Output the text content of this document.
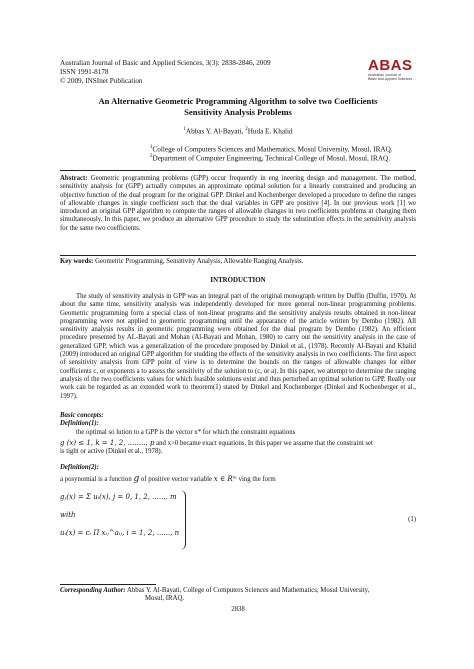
Australian Journal of Basic and Applied Sciences, 3(3): 2838-2846, 2009
ISSN 1991-8178
© 2009, INSInet Publication
ABAS
Australian Journal of
Basic and Applied Sciences
An Alternative Geometric Programming Algorithm to solve two Coefficients
Sensitivity Analysis Problems
$^1$Abbas Y. Al-Bayati, $^2$Huda E. Khalid
$^1$College of Computers Sciences and Mathematics, Mosul University, Mosul, IRAQ.
$^2$Department of Computer Engineering, Technical College of Mosul, Mosul, IRAQ.
Abstract: Geometric programming problems (GPP) occur frequently in eng ineering design and management. The method, sensitivity analysis for (GPP) actually computes an approximate optimal solution for a linearly constrained and producing an objective function of the dual program for the original GPP. Dinkel and Kochenberger developed a procedure to define the ranges of allowable changes in single coefficient such that the dual variables in GPP are positive [4]. In our previous work [1] we introduced an original GPP algorithm to compute the ranges of allowable changes in two coefficients problems at changing them simultaneously. In this paper, we produce an alternative GPP procedure to study the substitution effects in the sensitivity analysis for the same two coefficients.
Key words: Geometric Programming, Sensitivity Analysis, Allowable Ranging Analysis.
INTRODUCTION
The study of sensitivity analysis in GPP was an integral part of the original monograph written by Duffin (Duffin, 1970). At about the same time, sensitivity analysis was independently developed for more general non-linear programming problems. Geometric programming form a special class of non-linear programs and the sensitivity analysis results obtained in non-linear programming were not applied to geometric programming until the appearance of the article written by Dembo (1982). All sensitivity analysis results in geometric programming were obtained for the dual program by Dembo (1982). An efficient procedure presented by AL-Bayati and Mohan (Al-Bayati and Mohan, 1980) to carry out the sensitivity analysis in the case of generalized GPP, which was a generalization of the procedure proposed by Dinkel et al., (1978). Recently Al-Bayati and Khalid (2009) introduced an original GPP algorithm for studding the effects of the sensitivity analysis in two coefficients. The first aspect of sensitivity analysis from GPP point of view is to determine the bounds on the ranges of allowable changes for either coefficients c, or exponents a to assess the sensitivity of the solution to (c, or a). In this paper, we attempt to determine the ranging analysis of the two coefficients values for which feasible solutions exist and thus perturbed an optimal solution to GPP. Really our work can be regarded as an extended work to theorem(1) stated by Dinkel and Kochenberger (Dinkel and Kochenberger et al., 1997).
Basic concepts:
Definition(1):
the optimal so lution to a GPP is the vector x* for which the constraint equations
g (x) ≤ 1, k = 1, 2, ........, p and x>0 became exact equations. In this paper we assume that the constraint set
is tight or active (Dinkel et al., 1978).
Definition(2):
a posynomial is a function g of positive vector variable x ∈ Rᵐ ving the form
gⱼ(x) = Σ uᵢ(x), j = 0, 1, 2, ......, m
with
uᵢ(x) = cᵢ Π xᵢⱼ^aᵢⱼ, i = 1, 2, ......, n
(1)
Corresponding Author: Abbas Y. Al-Bayati, College of Computers Sciences and Mathematics, Mosul University,
Mosul, IRAQ.
2838
